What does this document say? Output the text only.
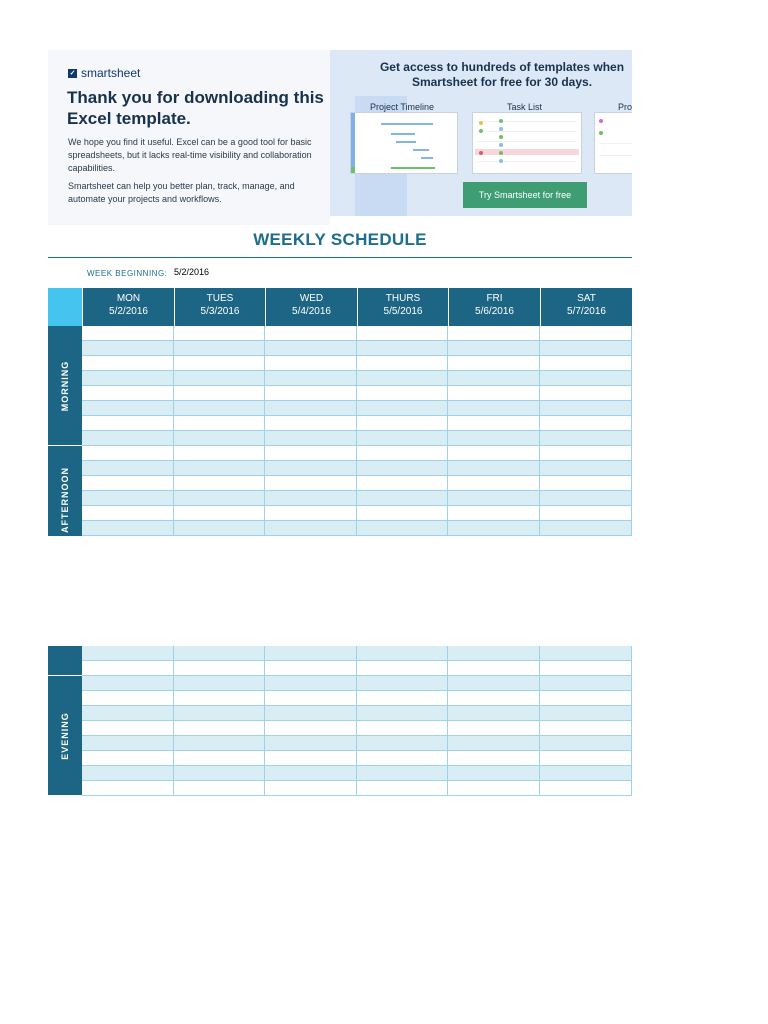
✓ smartsheet
Thank you for downloading this Excel template.
We hope you find it useful. Excel can be a good tool for basic spreadsheets, but it lacks real-time visibility and collaboration capabilities.
Smartsheet can help you better plan, track, manage, and automate your projects and workflows.
Get access to hundreds of templates when
Smartsheet for free for 30 days.
Project Timeline	Task List	Pro
Try Smartsheet for free
WEEKLY SCHEDULE
WEEK BEGINNING: 5/2/2016
MON
5/2/2016
TUES
5/3/2016
WED
5/4/2016
THURS
5/5/2016
FRI
5/6/2016
SAT
5/7/2016
MORNING
AFTERNOON
EVENING
